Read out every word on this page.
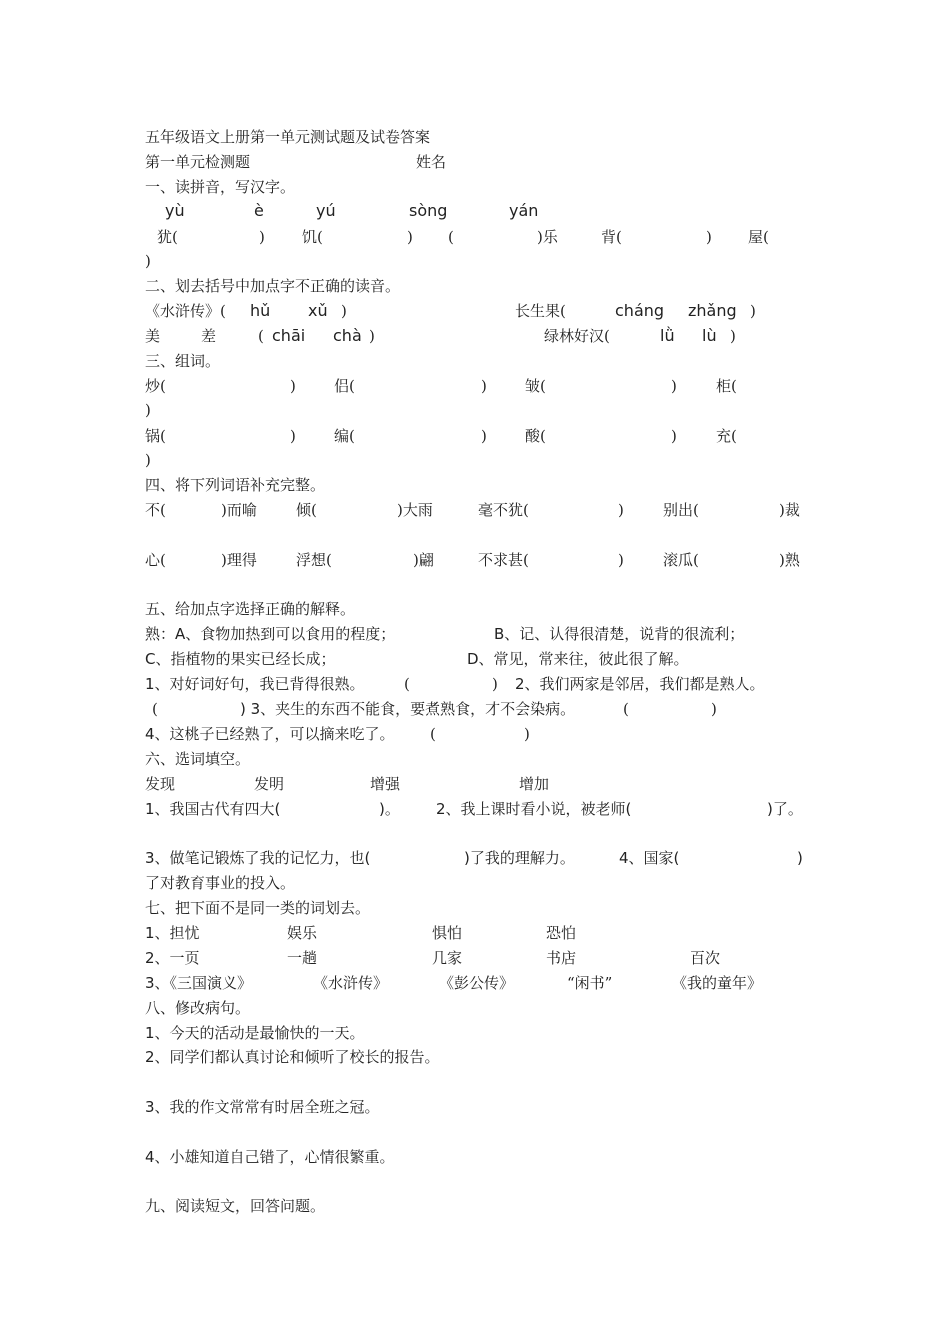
五年级语文上册第一单元测试题及试卷答案
第一单元检测题	姓名
一、读拼音，写汉字。
yù	è	yú	sòng	yán
犹(	) 饥(	) (	)乐	背(	) 屋(
)
二、划去括号中加点字不正确的读音。
《水浒传》( hǔ xǔ )	长生果(	cháng zhǎng )
美	差	( chāi chà )	绿林好汉(	lǜ lù )
三、组词。
炒(	)	侣(	)	皱(	)	柜(
)
锅(	)	编(	)	酸(	)	充(
)
四、将下列词语补充完整。
不(	)而喻	倾(	)大雨	毫不犹(	)	别出(	)裁
心(	)理得	浮想(	)翩	不求甚(	)	滚瓜(	)熟
五、给加点字选择正确的解释。
熟：A、食物加热到可以食用的程度；	B、记、认得很清楚，说背的很流利；
C、指植物的果实已经长成；	D、常见，常来往，彼此很了解。
1、对好词好句，我已背得很熟。	(	) 2、我们两家是邻居，我们都是熟人。
(	) 3、夹生的东西不能食，要煮熟食，才不会染病。	(	)
4、这桃子已经熟了，可以摘来吃了。 (	)
六、选词填空。
发现	发明	增强	增加
1、我国古代有四大(	)。 2、我上课时看小说，被老师(	)了。
3、做笔记锻炼了我的记忆力，也(	)了我的理解力。	4、国家(	)
了对教育事业的投入。
七、把下面不是同一类的词划去。
1、担忧	娱乐	惧怕	恐怕
2、一页	一趟	几家	书店	百次
3、《三国演义》	《水浒传》	《彭公传》	“闲书”	《我的童年》
八、修改病句。
1、今天的活动是最愉快的一天。
2、同学们都认真讨论和倾听了校长的报告。
3、我的作文常常有时居全班之冠。
4、小雄知道自己错了，心情很繁重。
九、阅读短文，回答问题。
